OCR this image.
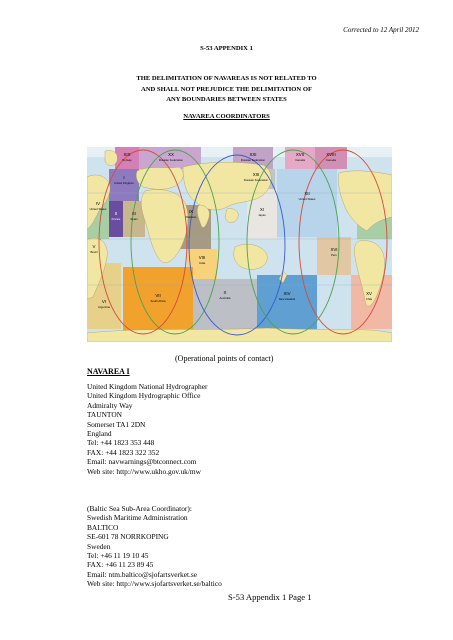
Corrected to 12 April 2012
S-53 APPENDIX 1
THE DELIMITATION OF NAVAREAS IS NOT RELATED TO
AND SHALL NOT PREJUDICE THE DELIMITATION OF
ANY BOUNDARIES BETWEEN STATES
NAVAREA COORDINATORS
XIX
Norway
XX
Russian Federation
XXI
Russian Federation
XVII
Canada
XVIII
Canada
I
United Kingdom
XII
United States
IV
United States
II
France
III
Spain
IX
Pakistan
XIII
Russian Federation
XI
Japan
V
Brazil
VIII
India
XVI
Peru
VI
Argentina
VII
South Africa
X
Australia
XIV
New Zealand
XV
Chile
(Operational points of contact)
NAVAREA I
United Kingdom National Hydrographer
United Kingdom Hydrographic Office
Admiralty Way
TAUNTON
Somerset TA1 2DN
England
Tel: +44 1823 353 448
FAX: +44 1823 322 352
Email: navwarnings@btconnect.com
Web site: http://www.ukho.gov.uk/mw
(Baltic Sea Sub-Area Coordinator):
Swedish Maritime Administration
BALTICO
SE-601 78 NORRKOPING
Sweden
Tel: +46 11 19 10 45
FAX: +46 11 23 89 45
Email: ntm.baltico@sjofartsverket.se
Web site: http://www.sjofartsverket.se/baltico
S-53 Appendix 1 Page 1
